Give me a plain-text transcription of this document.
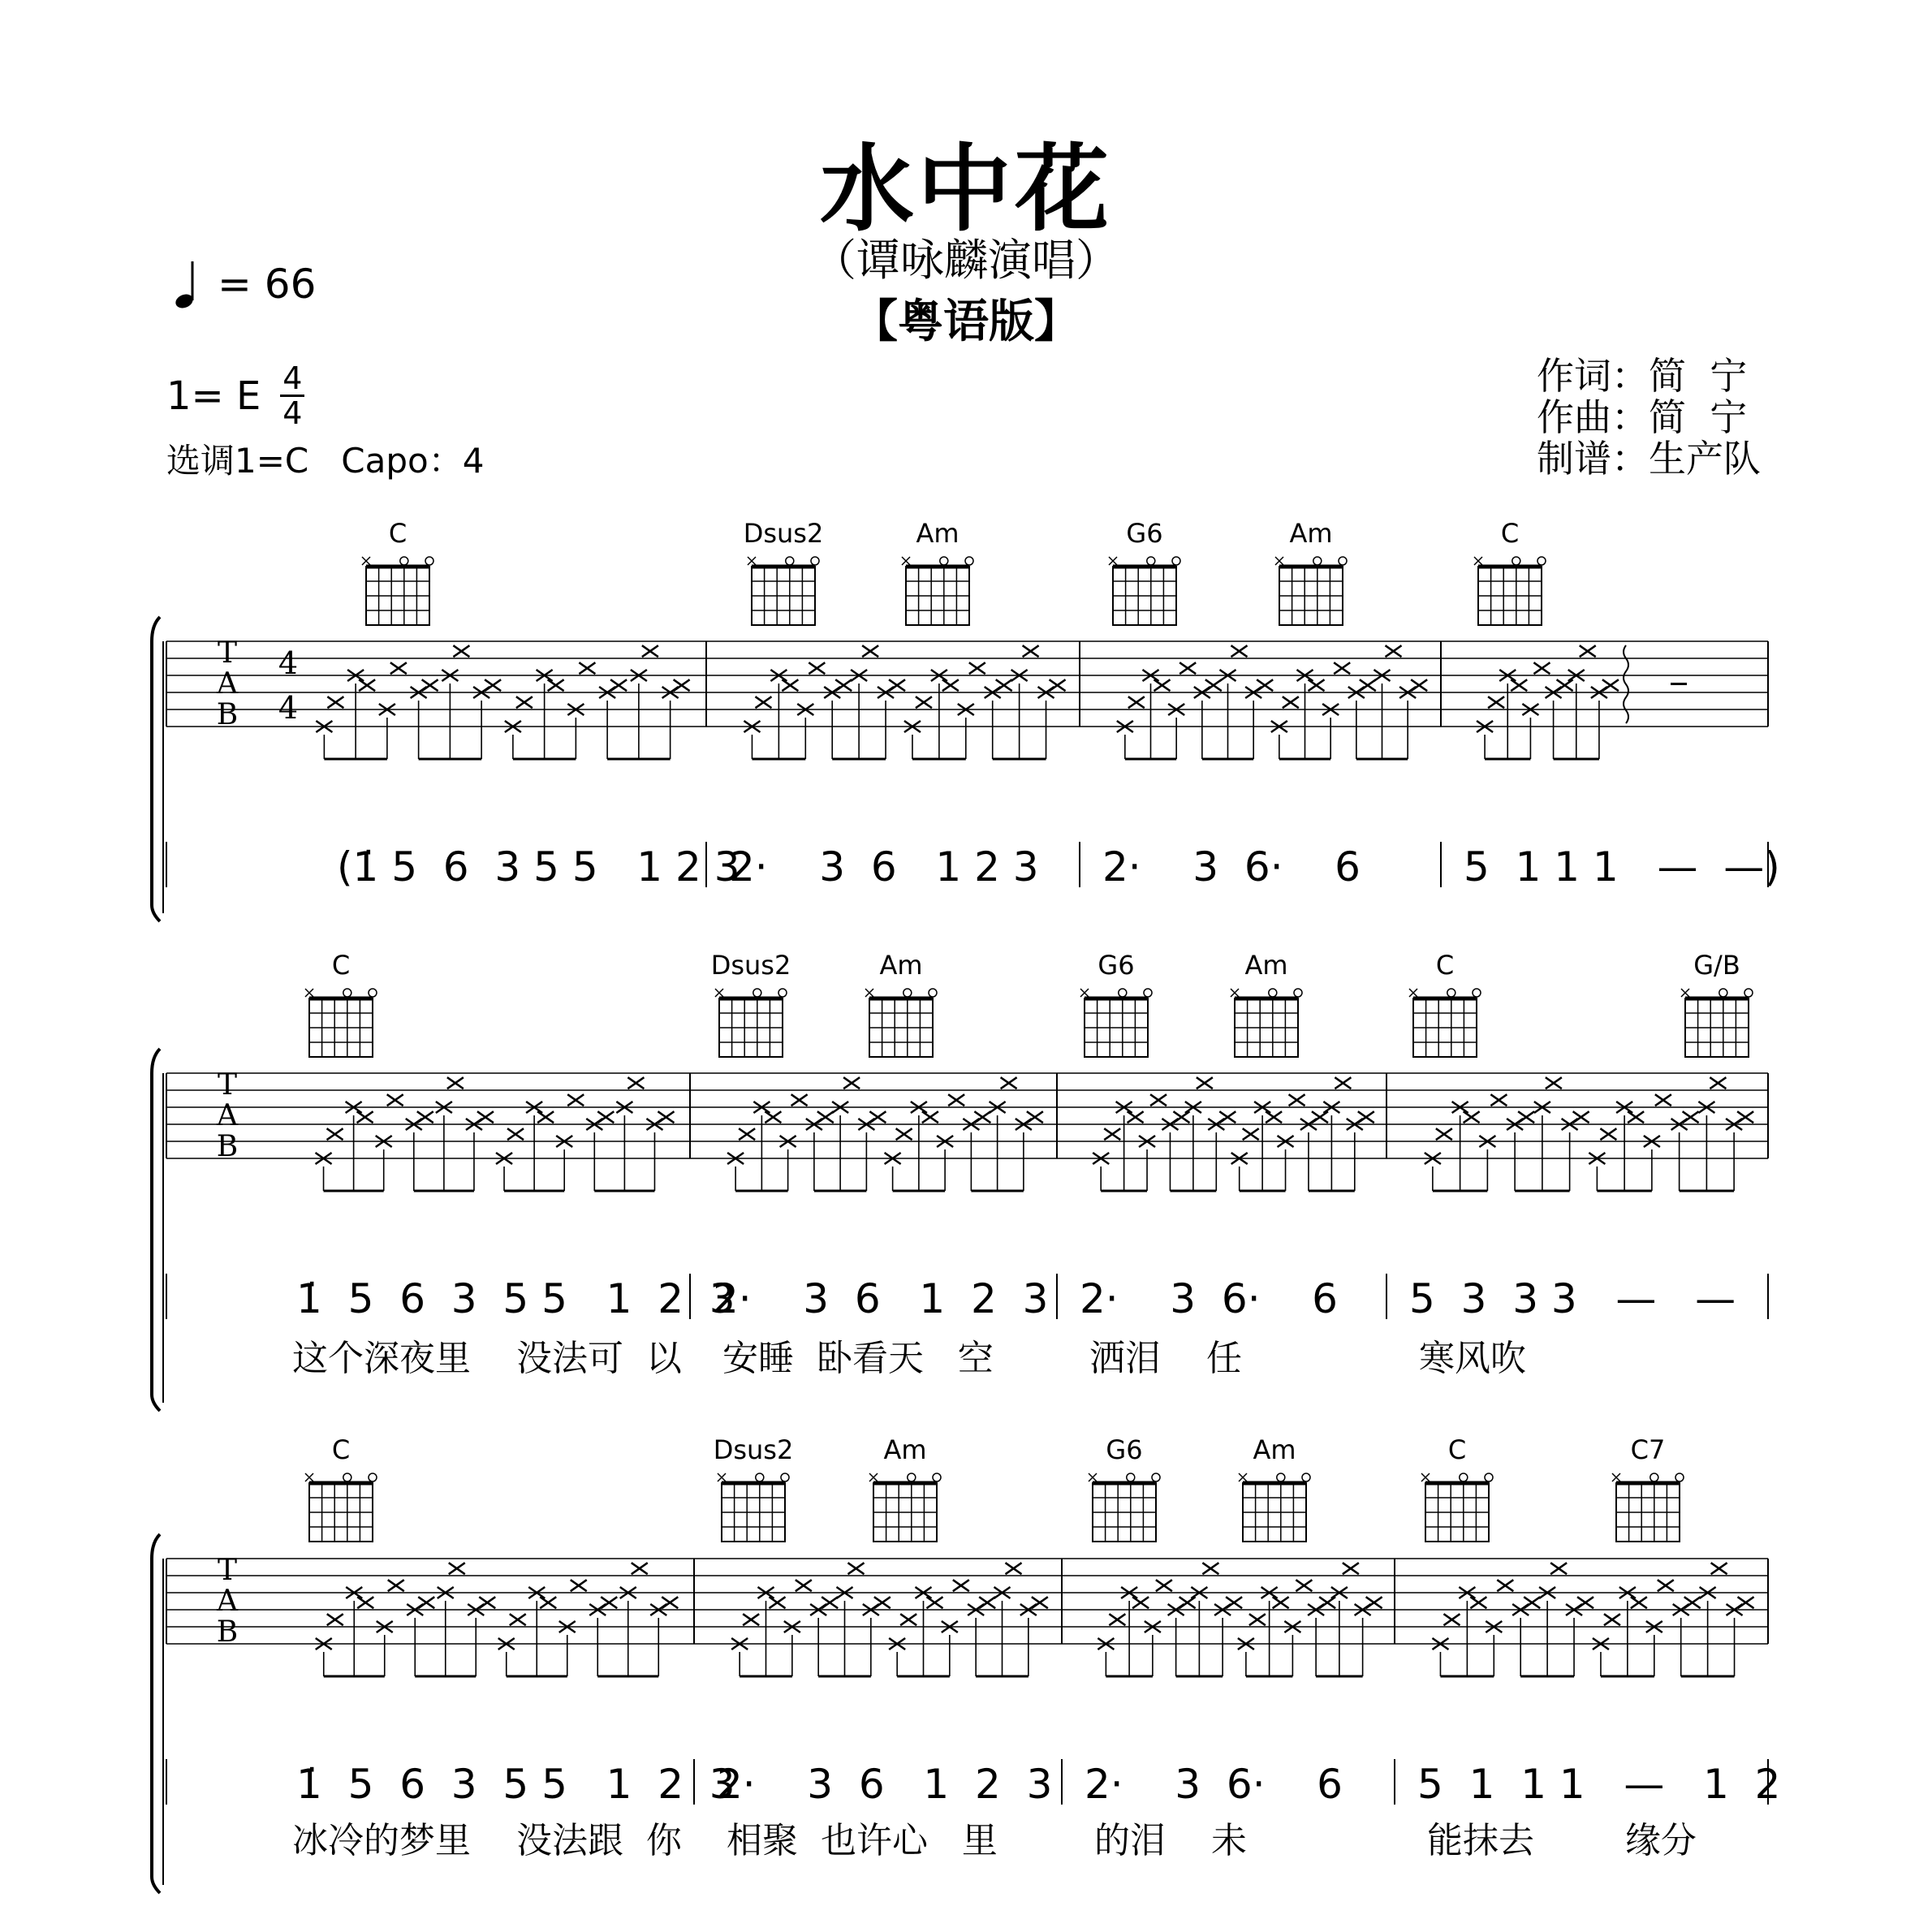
水中花
（谭咏麟演唱）
【粤语版】
= 66
1= E 4
4
选调1=C   Capo：4
作词：简  宁
作曲：简  宁
制谱：生产队
C	Dsus2	Am	G6	Am	C
T
A
B
4
4
(1̇ 5  6  3 5 5   1 2 3
2·    3  6   1 2 3 2·    3  6·    6	5  1 1 1   —  —)
C	Dsus2	Am	G6	Am	C	G/B
T
A
B
1̇  5  6  3  5 5   1  2  3
这个深夜里    没法可  以
2·    3  6   1  2  3
安睡  卧看天   空
2·    3  6·    6
洒泪    任
5  3  3 3   —   —
寒风吹
C	Dsus2	Am	G6	Am	C	C7
T
A
B
1̇  5  6  3  5 5   1  2  3
冰冷的梦里    没法跟  你
2·    3  6   1  2  3
相聚  也许心   里
2·    3  6·    6
的泪    未
5  1  1 1   —   1  2
能抹去        缘分
